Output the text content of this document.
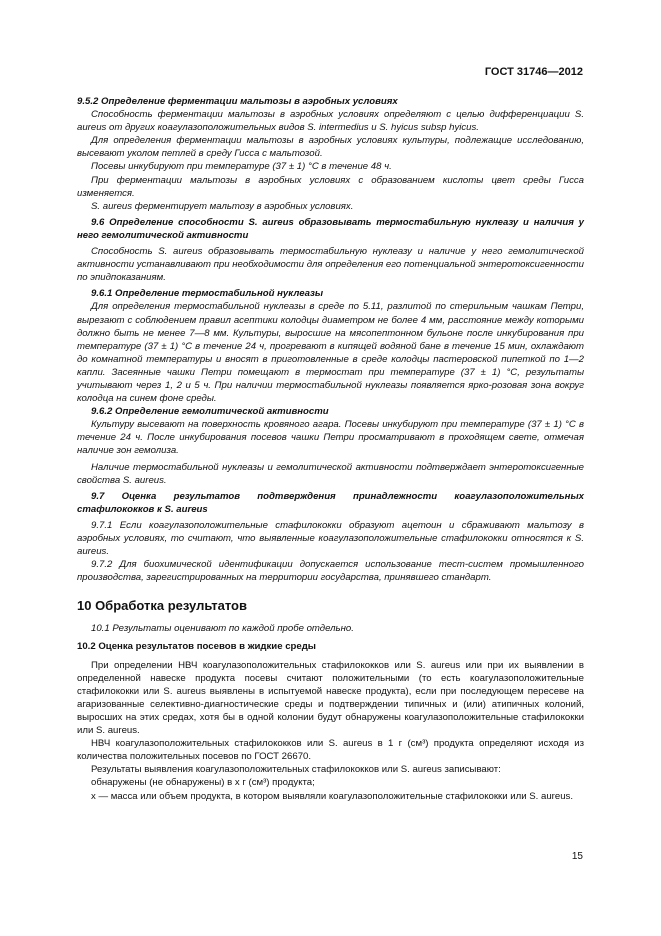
ГОСТ 31746—2012

9.5.2 Определение ферментации мальтозы в аэробных условиях

Способность ферментации мальтозы в аэробных условиях определяют с целью дифференциации S. aureus от других коагулазоположительных видов S. intermedius и S. hyicus subsp hyicus.

Для определения ферментации мальтозы в аэробных условиях культуры, подлежащие исследованию, высевают уколом петлей в среду Гисса с мальтозой.

Посевы инкубируют при температуре (37 ± 1) °С в течение 48 ч.

При ферментации мальтозы в аэробных условиях с образованием кислоты цвет среды Гисса изменяется.

S. aureus ферментирует мальтозу в аэробных условиях.

9.6 Определение способности S. aureus образовывать термостабильную нуклеазу и наличия у него гемолитической активности

Способность S. aureus образовывать термостабильную нуклеазу и наличие у него гемолитической активности устанавливают при необходимости для определения его потенциальной энтеротоксигенности по эпидпоказаниям.

9.6.1 Определение термостабильной нуклеазы

Для определения термостабильной нуклеазы в среде по 5.11, разлитой по стерильным чашкам Петри, вырезают с соблюдением правил асептики колодцы диаметром не более 4 мм, расстояние между которыми должно быть не менее 7—8 мм. Культуры, выросшие на мясопептонном бульоне после инкубирования при температуре (37 ± 1) °С в течение 24 ч, прогревают в кипящей водяной бане в течение 15 мин, охлаждают до комнатной температуры и вносят в приготовленные в среде колодцы пастеровской пипеткой по 1—2 капли. Засеянные чашки Петри помещают в термостат при температуре (37 ± 1) °С, результаты учитывают через 1, 2 и 5 ч. При наличии термостабильной нуклеазы появляется ярко-розовая зона вокруг колодца на синем фоне среды.

9.6.2 Определение гемолитической активности

Культуру высевают на поверхность кровяного агара. Посевы инкубируют при температуре (37 ± 1) °С в течение 24 ч. После инкубирования посевов чашки Петри просматривают в проходящем свете, отмечая наличие зон гемолиза.

Наличие термостабильной нуклеазы и гемолитической активности подтверждает энтеротоксигенные свойства S. aureus.

9.7 Оценка результатов подтверждения принадлежности коагулазоположительных стафилококков к S. aureus

9.7.1 Если коагулазоположительные стафилококки образуют ацетоин и сбраживают мальтозу в аэробных условиях, то считают, что выявленные коагулазоположительные стафилококки относятся к S. aureus.

9.7.2 Для биохимической идентификации допускается использование тест-систем промышленного производства, зарегистрированных на территории государства, принявшего стандарт.

10 Обработка результатов

10.1 Результаты оценивают по каждой пробе отдельно.

10.2 Оценка результатов посевов в жидкие среды

При определении НВЧ коагулазоположительных стафилококков или S. aureus или при их выявлении в определенной навеске продукта посевы считают положительными (то есть коагулазоположительные стафилококки или S. aureus выявлены в испытуемой навеске продукта), если при последующем пересеве на агаризованные селективно-диагностические среды и подтверждении типичных и (или) атипичных колоний, выросших на этих средах, хотя бы в одной колонии будут обнаружены коагулазоположительные стафилококки или S. aureus.

НВЧ коагулазоположительных стафилококков или S. aureus в 1 г (см³) продукта определяют исходя из количества положительных посевов по ГОСТ 26670.

Результаты выявления коагулазоположительных стафилококков или S. aureus записывают:

обнаружены (не обнаружены) в x г (см³) продукта;

x — масса или объем продукта, в котором выявляли коагулазоположительные стафилококки или S. aureus.

15
